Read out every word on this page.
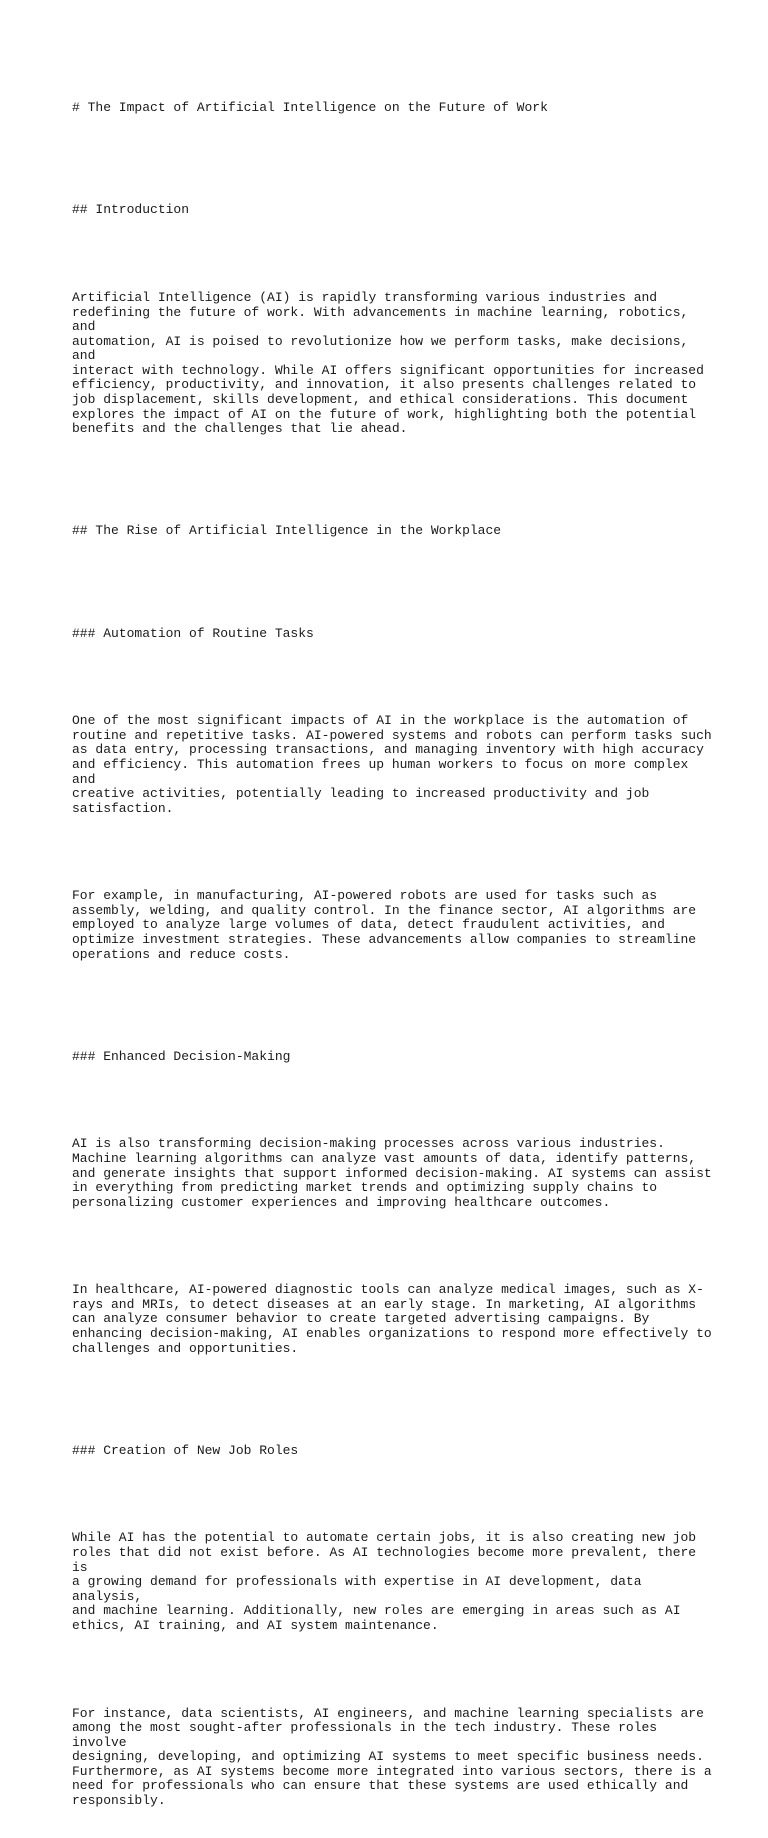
# The Impact of Artificial Intelligence on the Future of Work

## Introduction

Artificial Intelligence (AI) is rapidly transforming various industries and
redefining the future of work. With advancements in machine learning, robotics, and
automation, AI is poised to revolutionize how we perform tasks, make decisions, and
interact with technology. While AI offers significant opportunities for increased
efficiency, productivity, and innovation, it also presents challenges related to
job displacement, skills development, and ethical considerations. This document
explores the impact of AI on the future of work, highlighting both the potential
benefits and the challenges that lie ahead.

## The Rise of Artificial Intelligence in the Workplace

### Automation of Routine Tasks

One of the most significant impacts of AI in the workplace is the automation of
routine and repetitive tasks. AI-powered systems and robots can perform tasks such
as data entry, processing transactions, and managing inventory with high accuracy
and efficiency. This automation frees up human workers to focus on more complex and
creative activities, potentially leading to increased productivity and job
satisfaction.

For example, in manufacturing, AI-powered robots are used for tasks such as
assembly, welding, and quality control. In the finance sector, AI algorithms are
employed to analyze large volumes of data, detect fraudulent activities, and
optimize investment strategies. These advancements allow companies to streamline
operations and reduce costs.

### Enhanced Decision-Making

AI is also transforming decision-making processes across various industries.
Machine learning algorithms can analyze vast amounts of data, identify patterns,
and generate insights that support informed decision-making. AI systems can assist
in everything from predicting market trends and optimizing supply chains to
personalizing customer experiences and improving healthcare outcomes.

In healthcare, AI-powered diagnostic tools can analyze medical images, such as X-
rays and MRIs, to detect diseases at an early stage. In marketing, AI algorithms
can analyze consumer behavior to create targeted advertising campaigns. By
enhancing decision-making, AI enables organizations to respond more effectively to
challenges and opportunities.

### Creation of New Job Roles

While AI has the potential to automate certain jobs, it is also creating new job
roles that did not exist before. As AI technologies become more prevalent, there is
a growing demand for professionals with expertise in AI development, data analysis,
and machine learning. Additionally, new roles are emerging in areas such as AI
ethics, AI training, and AI system maintenance.

For instance, data scientists, AI engineers, and machine learning specialists are
among the most sought-after professionals in the tech industry. These roles involve
designing, developing, and optimizing AI systems to meet specific business needs.
Furthermore, as AI systems become more integrated into various sectors, there is a
need for professionals who can ensure that these systems are used ethically and
responsibly.
